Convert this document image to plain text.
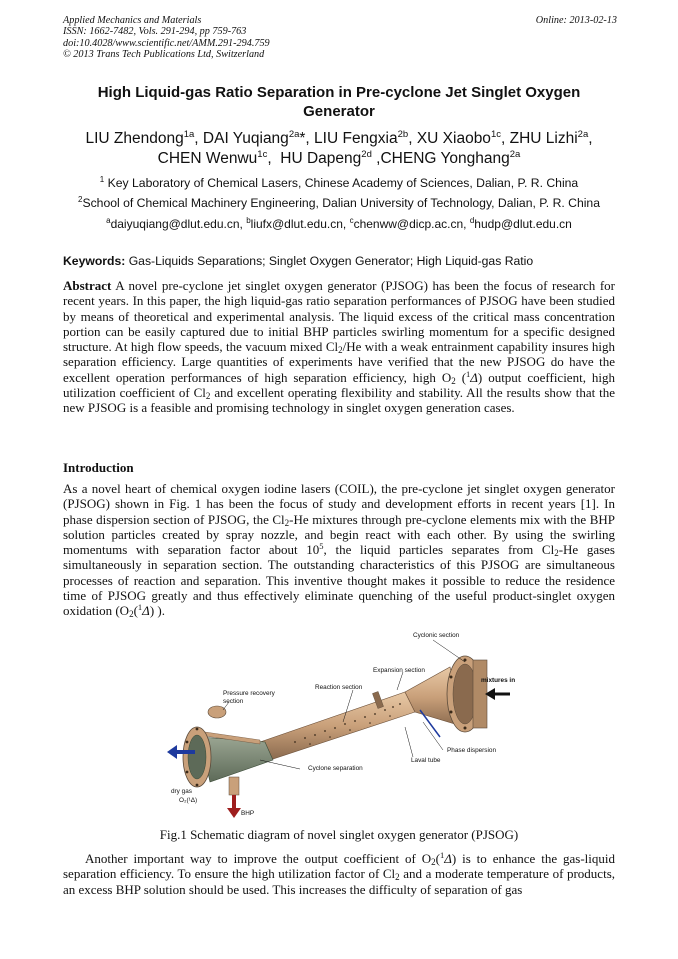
Applied Mechanics and Materials
ISSN: 1662-7482, Vols. 291-294, pp 759-763
doi:10.4028/www.scientific.net/AMM.291-294.759
© 2013 Trans Tech Publications Ltd, Switzerland
Online: 2013-02-13
High Liquid-gas Ratio Separation in Pre-cyclone Jet Singlet Oxygen Generator
LIU Zhendong$^{1a}$, DAI Yuqiang$^{2a}$*, LIU Fengxia$^{2b}$, XU Xiaobo$^{1c}$, ZHU Lizhi$^{2a}$,
CHEN Wenwu$^{1c}$,  HU Dapeng$^{2d}$ ,CHENG Yonghang$^{2a}$
$^1$ Key Laboratory of Chemical Lasers, Chinese Academy of Sciences, Dalian, P. R. China
$^2$School of Chemical Machinery Engineering, Dalian University of Technology, Dalian, P. R. China
$^a$daiyuqiang@dlut.edu.cn, $^b$liufx@dlut.edu.cn, $^c$chenww@dicp.ac.cn, $^d$hudp@dlut.edu.cn
Keywords: Gas-Liquids Separations; Singlet Oxygen Generator; High Liquid-gas Ratio
Abstract A novel pre-cyclone jet singlet oxygen generator (PJSOG) has been the focus of research for recent years. In this paper, the high liquid-gas ratio separation performances of PJSOG have been studied by means of theoretical and experimental analysis. The liquid excess of the critical mass concentration portion can be easily captured due to initial BHP particles swirling momentum for a specific designed structure. At high flow speeds, the vacuum mixed $Cl_2/He$ with a weak entrainment capability insures high separation efficiency. Large quantities of experiments have verified that the new PJSOG do have the excellent operation performances of high separation efficiency, high $O_2$ ($^1$Δ) output coefficient, high utilization coefficient of $Cl_2$ and excellent operating flexibility and stability. All the results show that the new PJSOG is a feasible and promising technology in singlet oxygen generation cases.
Introduction
As a novel heart of chemical oxygen iodine lasers (COIL), the pre-cyclone jet singlet oxygen generator (PJSOG) shown in Fig. 1 has been the focus of study and development efforts in recent years [1]. In phase dispersion section of PJSOG, the $Cl_2-He$ mixtures through pre-cyclone elements mix with the BHP solution particles created by spray nozzle, and begin react with each other. By using the swirling momentums with separation factor about $10^5$, the liquid particles separates from $Cl_2-He$ gases simultaneously in separation section. The outstanding characteristics of this PJSOG are simultaneous processes of reaction and separation. This inventive thought makes it possible to reduce the residence time of PJSOG greatly and thus effectively eliminate quenching of the useful product-singlet oxygen oxidation ($O_2(^1\Delta)$ ).
Cyclonic section
Expansion section
mixtures in
Reaction section
Pressure recovery
section
Phase dispersion
Laval tube
Cyclone separation
dry gas
O₂(¹Δ)
BHP
Fig.1 Schematic diagram of novel singlet oxygen generator (PJSOG)
Another important way to improve the output coefficient of $O_2(^1\Delta)$ is to enhance the gas-liquid separation efficiency. To ensure the high utilization factor of $Cl_2$ and a moderate temperature of products, an excess BHP solution should be used. This increases the difficulty of separation of gas
